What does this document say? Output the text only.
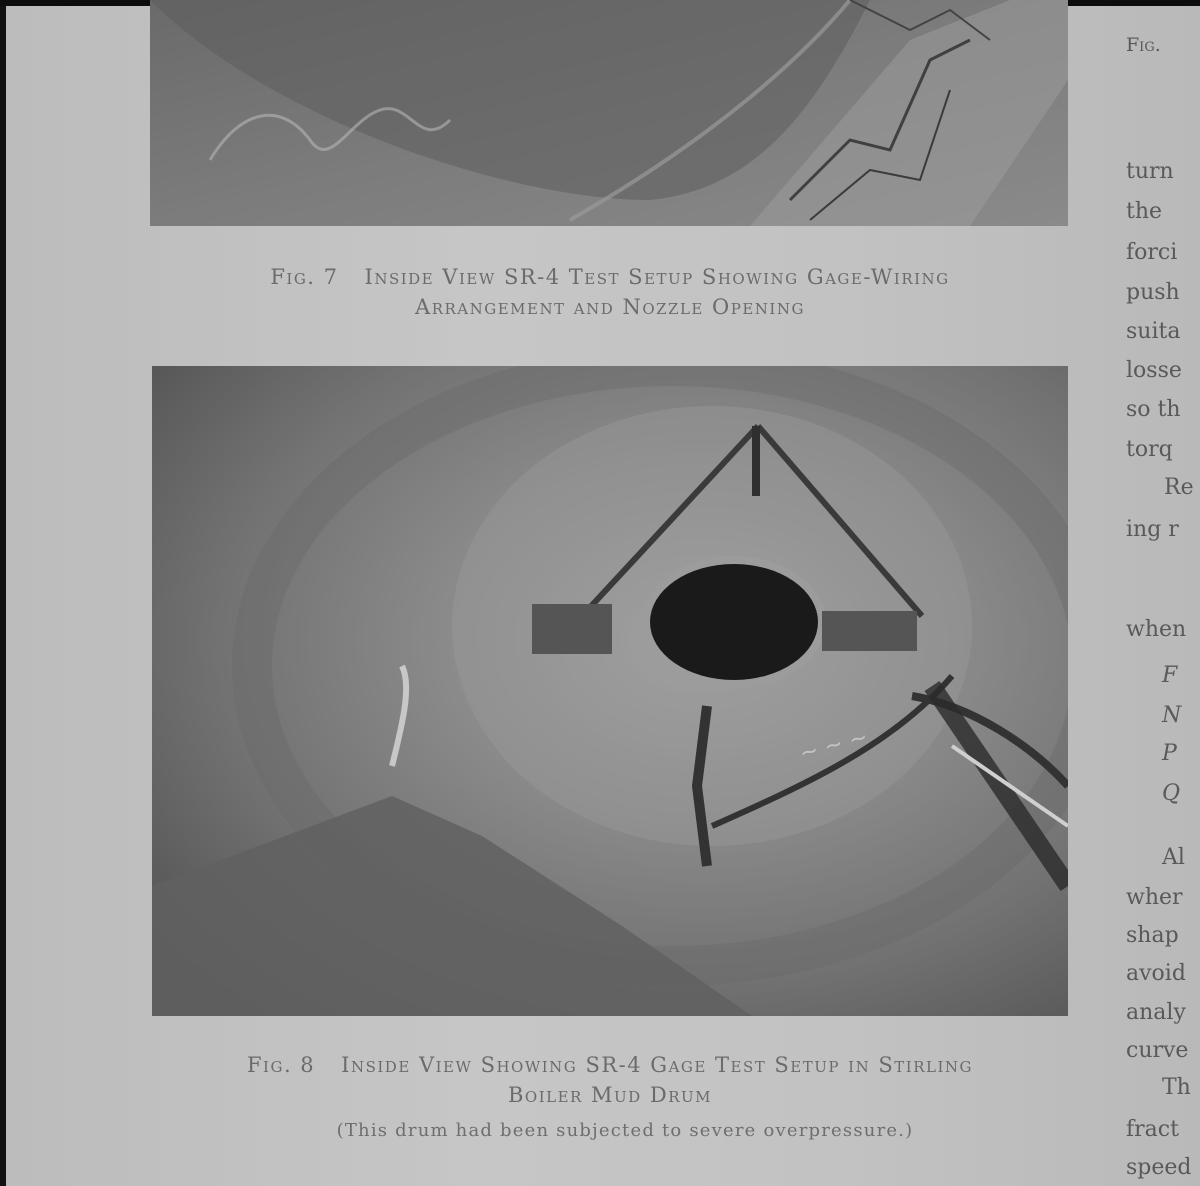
Fig. 7 Inside View SR-4 Test Setup Showing Gage-Wiring
Arrangement and Nozzle Opening
~ ~ ~
Fig. 8 Inside View Showing SR-4 Gage Test Setup in Stirling
Boiler Mud Drum
(This drum had been subjected to severe overpressure.)
Fig.
turn
the
forci
push
suita
losse
so th
torq
Re
ing r
when
F
N
P
Q
Al
wher
shap
avoid
analy
curve
Th
fract
speed
